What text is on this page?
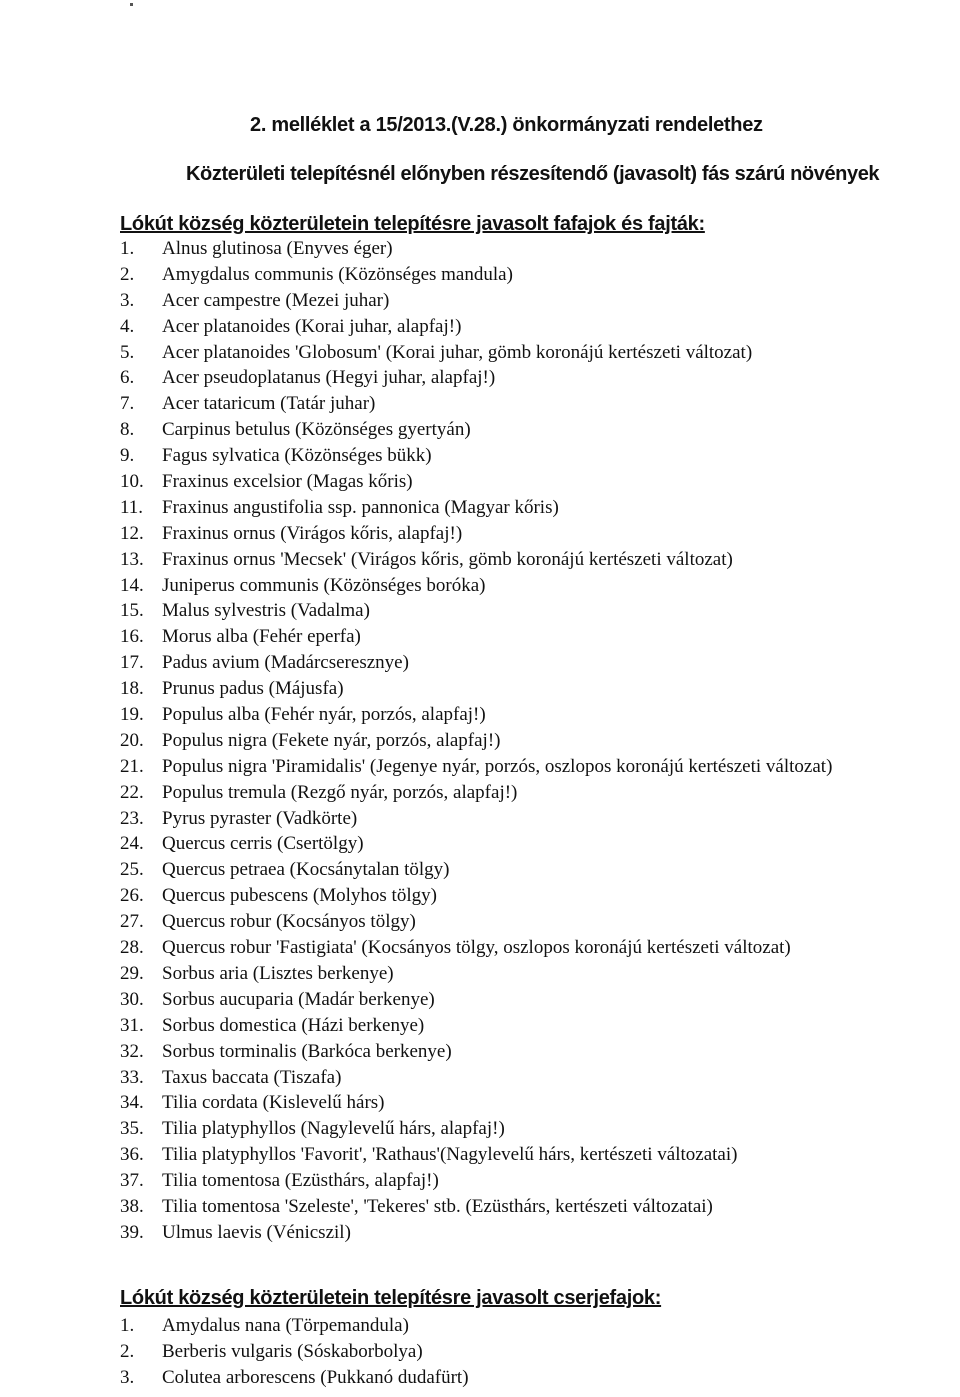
2. melléklet a 15/2013.(V.28.) önkormányzati rendelethez
Közterületi telepítésnél előnyben részesítendő (javasolt) fás szárú növények
Lókút község közterületein telepítésre javasolt fafajok és fajták:
1. Alnus glutinosa (Enyves éger)
2. Amygdalus communis (Közönséges mandula)
3. Acer campestre (Mezei juhar)
4. Acer platanoides (Korai juhar, alapfaj!)
5. Acer platanoides 'Globosum' (Korai juhar, gömb koronájú kertészeti változat)
6. Acer pseudoplatanus (Hegyi juhar, alapfaj!)
7. Acer tataricum (Tatár juhar)
8. Carpinus betulus (Közönséges gyertyán)
9. Fagus sylvatica (Közönséges bükk)
10. Fraxinus excelsior (Magas kőris)
11. Fraxinus angustifolia ssp. pannonica (Magyar kőris)
12. Fraxinus ornus (Virágos kőris, alapfaj!)
13. Fraxinus ornus 'Mecsek' (Virágos kőris, gömb koronájú kertészeti változat)
14. Juniperus communis (Közönséges boróka)
15. Malus sylvestris (Vadalma)
16. Morus alba (Fehér eperfa)
17. Padus avium (Madárcseresznye)
18. Prunus padus (Májusfa)
19. Populus alba (Fehér nyár, porzós, alapfaj!)
20. Populus nigra (Fekete nyár, porzós, alapfaj!)
21. Populus nigra 'Piramidalis' (Jegenye nyár, porzós, oszlopos koronájú kertészeti változat)
22. Populus tremula (Rezgő nyár, porzós, alapfaj!)
23. Pyrus pyraster (Vadkörte)
24. Quercus cerris (Csertölgy)
25. Quercus petraea (Kocsánytalan tölgy)
26. Quercus pubescens (Molyhos tölgy)
27. Quercus robur (Kocsányos tölgy)
28. Quercus robur 'Fastigiata' (Kocsányos tölgy, oszlopos koronájú kertészeti változat)
29. Sorbus aria (Lisztes berkenye)
30. Sorbus aucuparia (Madár berkenye)
31. Sorbus domestica (Házi berkenye)
32. Sorbus torminalis (Barkóca berkenye)
33. Taxus baccata (Tiszafa)
34. Tilia cordata (Kislevelű hárs)
35. Tilia platyphyllos (Nagylevelű hárs, alapfaj!)
36. Tilia platyphyllos 'Favorit', 'Rathaus'(Nagylevelű hárs, kertészeti változatai)
37. Tilia tomentosa (Ezüsthárs, alapfaj!)
38. Tilia tomentosa 'Szeleste', 'Tekeres' stb. (Ezüsthárs, kertészeti változatai)
39. Ulmus laevis (Vénicszil)
Lókút község közterületein telepítésre javasolt cserjefajok:
1. Amydalus nana (Törpemandula)
2. Berberis vulgaris (Sóskaborbolya)
3. Colutea arborescens (Pukkanó dudafürt)
